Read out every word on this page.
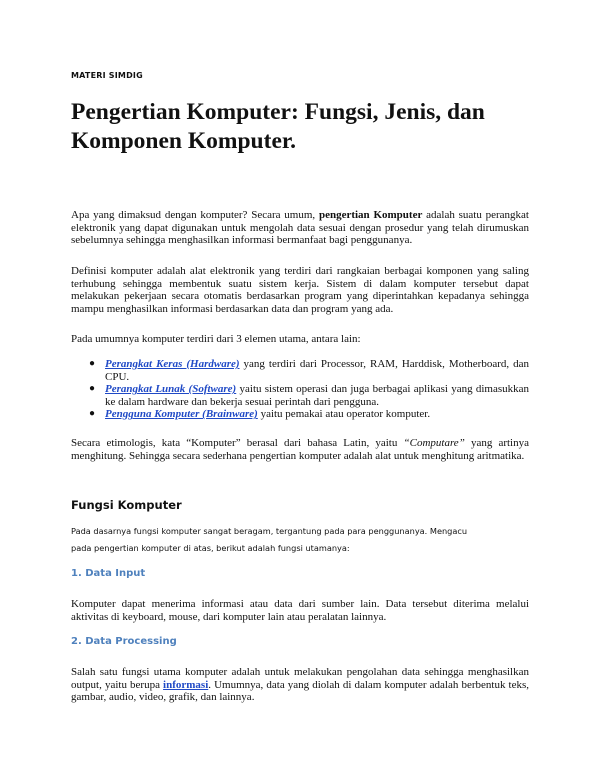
MATERI SIMDIG
Pengertian Komputer: Fungsi, Jenis, dan Komponen Komputer.

Apa yang dimaksud dengan komputer? Secara umum, pengertian Komputer adalah suatu perangkat elektronik yang dapat digunakan untuk mengolah data sesuai dengan prosedur yang telah dirumuskan sebelumnya sehingga menghasilkan informasi bermanfaat bagi penggunanya.

Definisi komputer adalah alat elektronik yang terdiri dari rangkaian berbagai komponen yang saling terhubung sehingga membentuk suatu sistem kerja. Sistem di dalam komputer tersebut dapat melakukan pekerjaan secara otomatis berdasarkan program yang diperintahkan kepadanya sehingga mampu menghasilkan informasi berdasarkan data dan program yang ada.

Pada umumnya komputer terdiri dari 3 elemen utama, antara lain:

● Perangkat Keras (Hardware) yang terdiri dari Processor, RAM, Harddisk, Motherboard, dan CPU.
● Perangkat Lunak (Software) yaitu sistem operasi dan juga berbagai aplikasi yang dimasukkan ke dalam hardware dan bekerja sesuai perintah dari pengguna.
● Pengguna Komputer (Brainware) yaitu pemakai atau operator komputer.

Secara etimologis, kata “Komputer” berasal dari bahasa Latin, yaitu “Computare” yang artinya menghitung. Sehingga secara sederhana pengertian komputer adalah alat untuk menghitung aritmatika.

Fungsi Komputer
Pada dasarnya fungsi komputer sangat beragam, tergantung pada para penggunanya. Mengacu pada pengertian komputer di atas, berikut adalah fungsi utamanya:
1. Data Input

Komputer dapat menerima informasi atau data dari sumber lain. Data tersebut diterima melalui aktivitas di keyboard, mouse, dari komputer lain atau peralatan lainnya.

2. Data Processing

Salah satu fungsi utama komputer adalah untuk melakukan pengolahan data sehingga menghasilkan output, yaitu berupa informasi. Umumnya, data yang diolah di dalam komputer adalah berbentuk teks, gambar, audio, video, grafik, dan lainnya.
